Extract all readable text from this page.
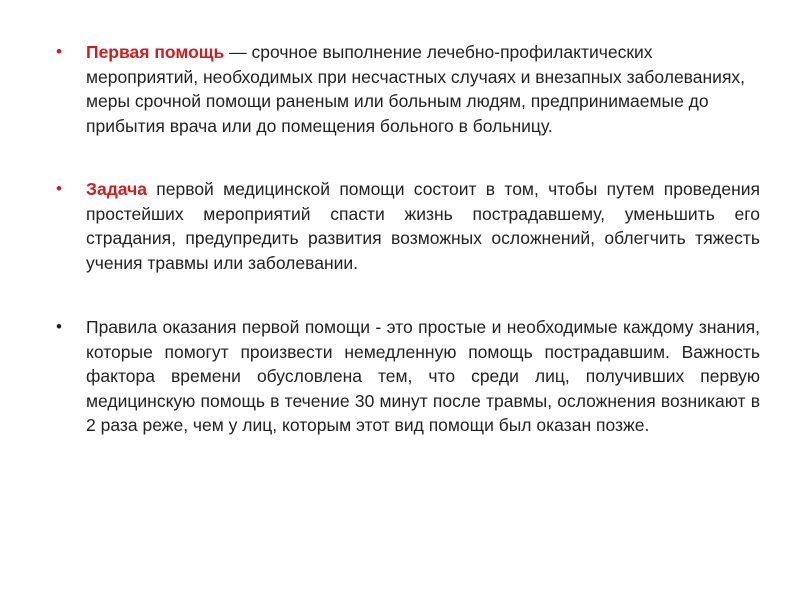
•	Первая помощь — срочное выполнение лечебно-профилактических мероприятий, необходимых при несчастных случаях и внезапных заболеваниях, меры срочной помощи раненым или больным людям, предпринимаемые до прибытия врача или до помещения больного в больницу.
•	Задача первой медицинской помощи состоит в том, чтобы путем проведения простейших мероприятий спасти жизнь пострадавшему, уменьшить его страдания, предупредить развития возможных осложнений, облегчить тяжесть учения травмы или заболевании.
•	Правила оказания первой помощи - это простые и необходимые каждому знания, которые помогут произвести немедленную помощь пострадавшим. Важность фактора времени обусловлена тем, что среди лиц, получивших первую медицинскую помощь в течение 30 минут после травмы, осложнения возникают в 2 раза реже, чем у лиц, которым этот вид помощи был оказан позже.
